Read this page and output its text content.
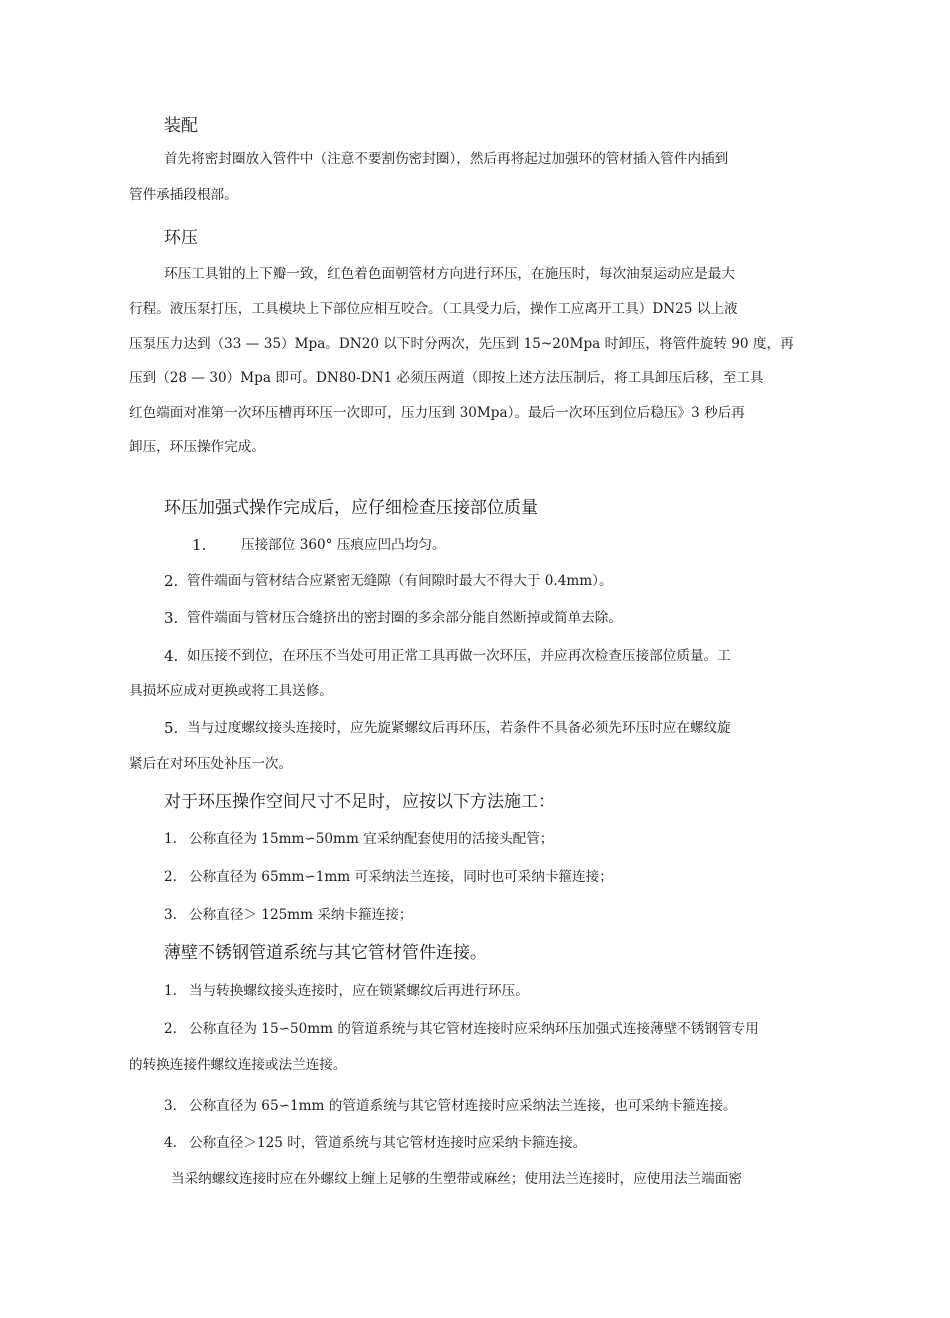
装配
首先将密封圈放入管件中（注意不要割伤密封圈），然后再将起过加强环的管材插入管件内插到
管件承插段根部。
环压
环压工具钳的上下瓣一致，红色着色面朝管材方向进行环压，在施压时，每次油泵运动应是最大
行程。液压泵打压，工具模块上下部位应相互咬合。（工具受力后，操作工应离开工具）DN25 以上液
压泵压力达到（33 — 35）Mpa。DN20 以下时分两次，先压到 15~20Mpa 时卸压，将管件旋转 90 度，再
压到（28 — 30）Mpa 即可。DN80-DN1 必须压两道（即按上述方法压制后，将工具卸压后移，至工具
红色端面对准第一次环压槽再环压一次即可，压力压到 30Mpa）。最后一次环压到位后稳压》3 秒后再
卸压，环压操作完成。
环压加强式操作完成后，应仔细检查压接部位质量
1.	压接部位 360° 压痕应凹凸均匀。
2. 管件端面与管材结合应紧密无缝隙（有间隙时最大不得大于 0.4mm）。
3. 管件端面与管材压合缝挤出的密封圈的多余部分能自然断掉或简单去除。
4. 如压接不到位，在环压不当处可用正常工具再做一次环压，并应再次检查压接部位质量。工
具损坏应成对更换或将工具送修。
5. 当与过度螺纹接头连接时，应先旋紧螺纹后再环压，若条件不具备必须先环压时应在螺纹旋
紧后在对环压处补压一次。
对于环压操作空间尺寸不足时，应按以下方法施工：
1. 公称直径为 15mm∽50mm 宜采纳配套使用的活接头配管；
2. 公称直径为 65mm∽1mm 可采纳法兰连接，同时也可采纳卡箍连接；
3. 公称直径＞ 125mm 采纳卡箍连接；
薄壁不锈钢管道系统与其它管材管件连接。
1. 当与转换螺纹接头连接时，应在锁紧螺纹后再进行环压。
2. 公称直径为 15∽50mm 的管道系统与其它管材连接时应采纳环压加强式连接薄壁不锈钢管专用
的转换连接件螺纹连接或法兰连接。
3. 公称直径为 65∽1mm 的管道系统与其它管材连接时应采纳法兰连接，也可采纳卡箍连接。
4. 公称直径＞125 时，管道系统与其它管材连接时应采纳卡箍连接。
当采纳螺纹连接时应在外螺纹上缠上足够的生塑带或麻丝；使用法兰连接时，应使用法兰端面密
